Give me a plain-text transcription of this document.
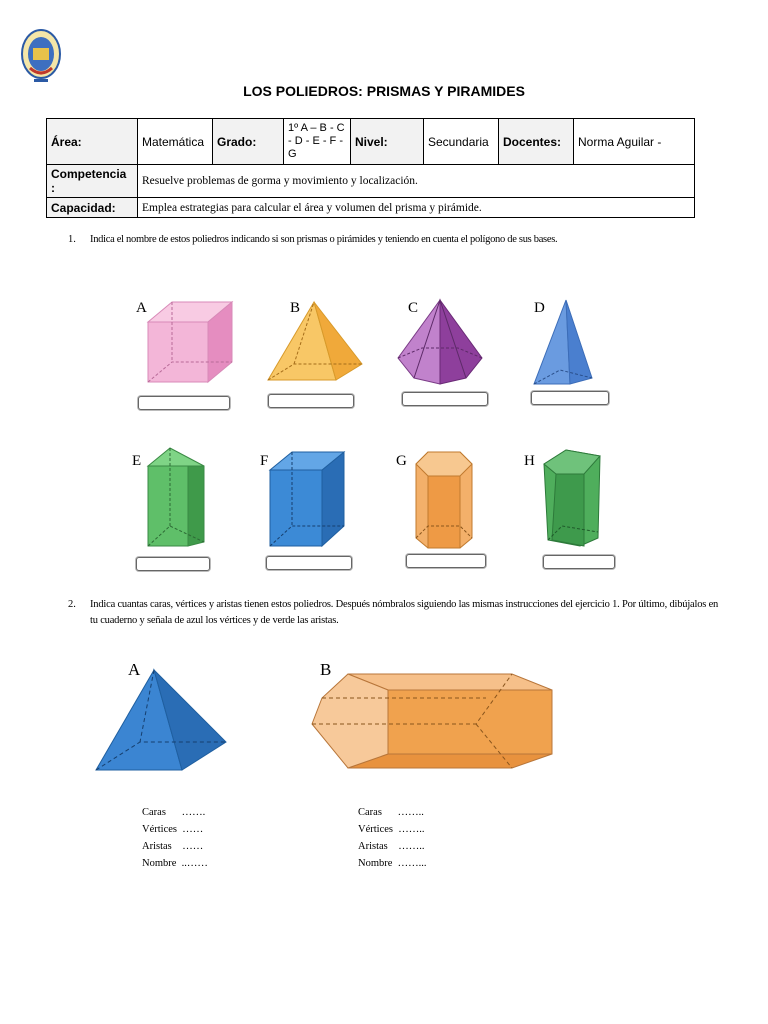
LOS POLIEDROS: PRISMAS Y PIRAMIDES
Área:	Matemática	Grado:	1º A – B - C - D - E - F - G	Nivel:	Secundaria	Docentes:	Norma Aguilar -
Competencia :	Resuelve problemas de gorma y movimiento y localización.						
Capacidad:	Emplea estrategias para calcular el área y volumen del prisma y pirámide.						
1. Indica el nombre de estos poliedros indicando si son prismas o pirámides y teniendo en cuenta el polígono de sus bases.
A	B	C	D
E	F	G	H
2. Indica cuantas caras, vértices y aristas tienen estos poliedros. Después nómbralos siguiendo las mismas instrucciones del ejercicio 1. Por último, dibújalos en tu cuaderno y señala de azul los vértices y de verde las aristas.
A	B
Caras      …….
Vértices  ……
Aristas    ……
Nombre  ..……
Caras      ……..
Vértices  ……..
Aristas    ……..
Nombre  ……...
